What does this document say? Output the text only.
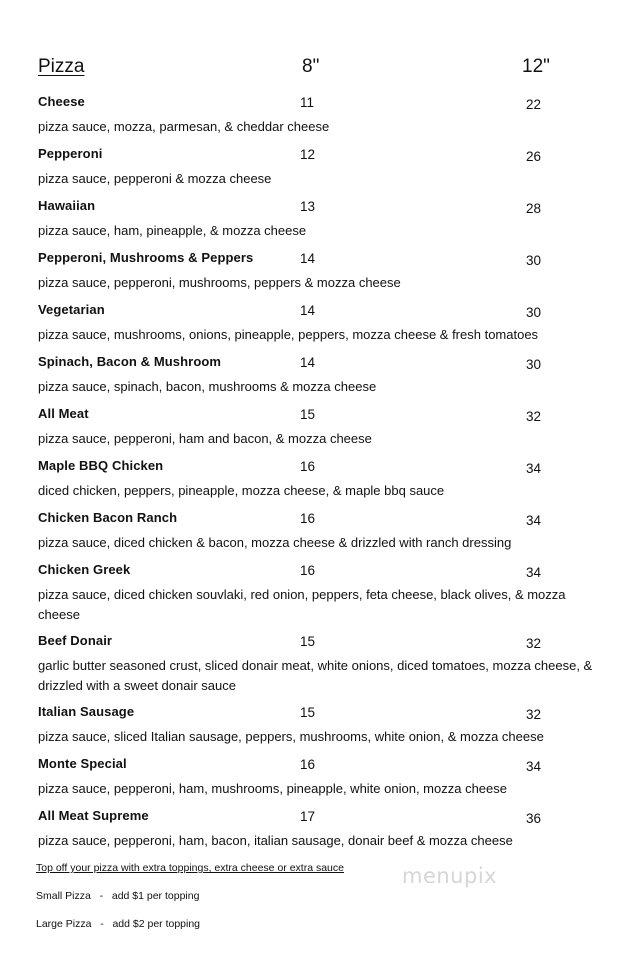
Pizza	8"	12"
Cheese	11	22
pizza sauce, mozza, parmesan, & cheddar cheese
Pepperoni	12	26
pizza sauce, pepperoni & mozza cheese
Hawaiian	13	28
pizza sauce, ham, pineapple, & mozza cheese
Pepperoni, Mushrooms & Peppers	14	30
pizza sauce, pepperoni, mushrooms, peppers & mozza cheese
Vegetarian	14	30
pizza sauce, mushrooms, onions, pineapple, peppers, mozza cheese & fresh tomatoes
Spinach, Bacon & Mushroom	14	30
pizza sauce, spinach, bacon, mushrooms & mozza cheese
All Meat	15	32
pizza sauce, pepperoni, ham and bacon, & mozza cheese
Maple BBQ Chicken	16	34
diced chicken, peppers, pineapple, mozza cheese, & maple bbq sauce
Chicken Bacon Ranch	16	34
pizza sauce, diced chicken & bacon, mozza cheese & drizzled with ranch dressing
Chicken Greek	16	34
pizza sauce, diced chicken souvlaki, red onion, peppers, feta cheese, black olives, & mozza cheese
Beef Donair	15	32
garlic butter seasoned crust, sliced donair meat, white onions, diced tomatoes, mozza cheese, & drizzled with a sweet donair sauce
Italian Sausage	15	32
pizza sauce, sliced Italian sausage, peppers, mushrooms, white onion, & mozza cheese
Monte Special	16	34
pizza sauce, pepperoni, ham, mushrooms, pineapple, white onion, mozza cheese
All Meat Supreme	17	36
pizza sauce, pepperoni, ham, bacon, italian sausage, donair beef & mozza cheese
Top off your pizza with extra toppings, extra cheese or extra sauce
Small Pizza   -   add $1 per topping
Large Pizza   -   add $2 per topping
menupix
